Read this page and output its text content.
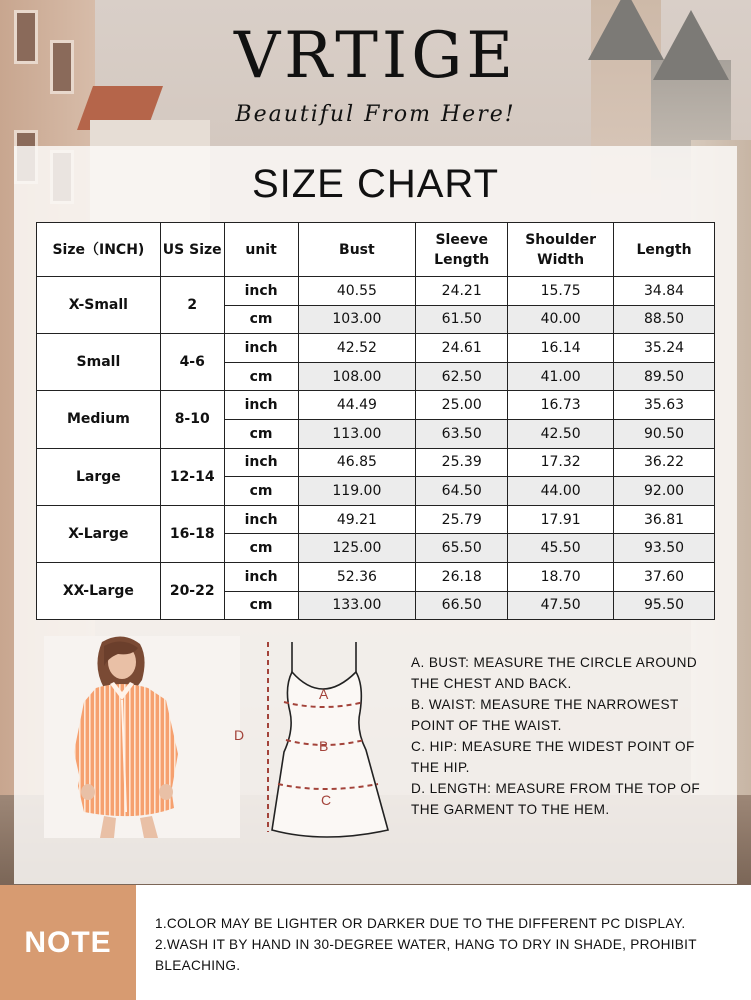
VRTIGE
Beautiful From Here!
SIZE CHART
Size（INCH)	US Size	unit	Bust	Sleeve Length	Shoulder Width	Length
X-Small	2	inch	40.55	24.21	15.75	34.84
		cm	103.00	61.50	40.00	88.50
Small	4-6	inch	42.52	24.61	16.14	35.24
		cm	108.00	62.50	41.00	89.50
Medium	8-10	inch	44.49	25.00	16.73	35.63
		cm	113.00	63.50	42.50	90.50
Large	12-14	inch	46.85	25.39	17.32	36.22
		cm	119.00	64.50	44.00	92.00
X-Large	16-18	inch	49.21	25.79	17.91	36.81
		cm	125.00	65.50	45.50	93.50
XX-Large	20-22	inch	52.36	26.18	18.70	37.60
		cm	133.00	66.50	47.50	95.50
A
B
C
D

A. BUST: MEASURE THE CIRCLE AROUND THE CHEST AND BACK.

B. WAIST: MEASURE THE NARROWEST POINT OF THE WAIST.

C. HIP: MEASURE THE WIDEST POINT OF THE HIP.

D. LENGTH: MEASURE FROM THE TOP OF THE GARMENT TO THE HEM.

NOTE

1.COLOR MAY BE LIGHTER OR DARKER DUE TO THE DIFFERENT PC DISPLAY.

2.WASH IT BY HAND IN 30-DEGREE WATER, HANG TO DRY IN SHADE, PROHIBIT BLEACHING.
